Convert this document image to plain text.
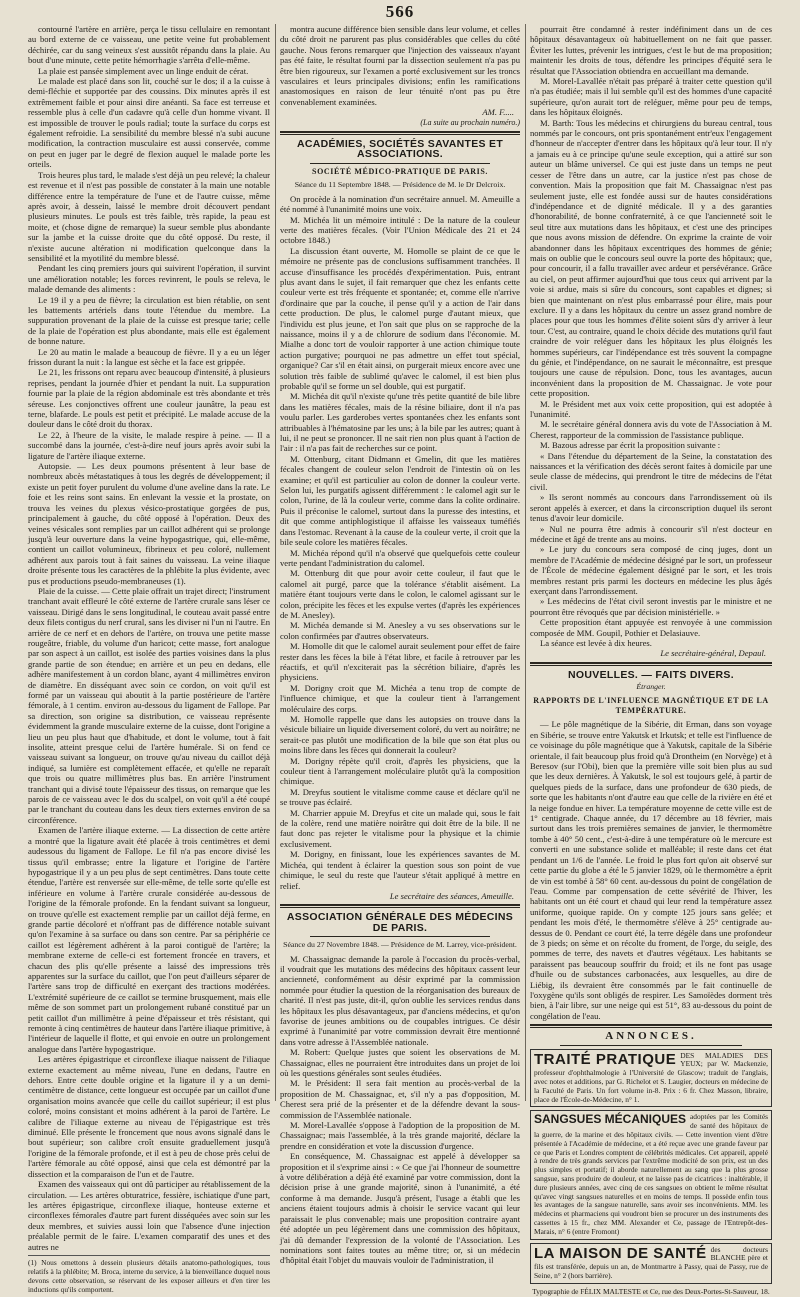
566

contourné l'artère en arrière, perça le tissu cellulaire en remontant au bord externe de ce vaisseau, une petite veine fut probablement déchirée, car du sang veineux s'est aussitôt répandu dans la plaie. Au bout d'une minute, cette petite hémorrhagie s'arrêta d'elle-même.

La plaie est pansée simplement avec un linge enduit de cérat.

Le malade est placé dans son lit, couché sur le dos; il a la cuisse à demi-fléchie et supportée par des coussins. Dix minutes après il est extrêmement faible et pour ainsi dire anéanti. Sa face est terreuse et ressemble plus à celle d'un cadavre qu'à celle d'un homme vivant. Il est impossible de trouver le pouls radial; toute la surface du corps est également refroidie. La sensibilité du membre blessé n'a subi aucune modification, la contraction musculaire est aussi conservée, comme on peut en juger par le degré de flexion auquel le malade porte les orteils.

Trois heures plus tard, le malade s'est déjà un peu relevé; la chaleur est revenue et il n'est pas possible de constater à la main une notable différence entre la température de l'une et de l'autre cuisse, même après avoir, à dessein, laissé le membre droit découvert pendant plusieurs minutes. Le pouls est très faible, très rapide, la peau est moite, et (chose digne de remarque) la sueur semble plus abondante sur la jambe et la cuisse droite que du côté opposé. Du reste, il n'existe aucune altération ni modification quelconque dans la sensibilité et la myotilité du membre blessé.

Pendant les cinq premiers jours qui suivirent l'opération, il survint une amélioration notable; les forces revinrent, le pouls se releva, le malade demande des aliments :

Le 19 il y a peu de fièvre; la circulation est bien rétablie, on sent les battements artériels dans toute l'étendue du membre. La suppuration provenant de la plaie de la cuisse est presque tarie; celle de la plaie de l'opération est plus abondante, mais elle est également de bonne nature.

Le 20 au matin le malade a beaucoup de fièvre. Il y a eu un léger frisson durant la nuit : la langue est sèche et la face est grippée.

Le 21, les frissons ont reparu avec beaucoup d'intensité, à plusieurs reprises, pendant la journée d'hier et pendant la nuit. La suppuration fournie par la plaie de la région abdominale est très abondante et très séreuse. Les conjonctives offrent une couleur jaunâtre, la peau est terne, blafarde. Le pouls est petit et précipité. Le malade accuse de la douleur dans le côté droit du thorax.

Le 22, à l'heure de la visite, le malade respire à peine. — Il a succombé dans la journée, c'est-à-dire neuf jours après avoir subi la ligature de l'artère iliaque externe.

Autopsie. — Les deux poumons présentent à leur base de nombreux abcès métastatiques à tous les degrés de développement; il existe un petit foyer purulent du volume d'une aveline dans la rate. Le foie et les reins sont sains. En enlevant la vessie et la prostate, on trouva les veines du plexus vésico-prostatique gorgées de pus, principalement à gauche, du côté opposé à l'opération. Deux des veines vésicales sont remplies par un caillot adhérent qui se prolonge jusqu'à leur ouverture dans la veine hypogastrique, qui, elle-même, contient un caillot volumineux, fibrineux et peu coloré, nullement adhérent aux parois tout à fait saines du vaisseau. La veine iliaque droite présente tous les caractères de la phlébite la plus évidente, avec pus et productions pseudo-membraneuses (1).

Plaie de la cuisse. — Cette plaie offrait un trajet direct; l'instrument tranchant avait effleuré le côté externe de l'artère crurale sans léser ce vaisseau. Dirigé dans le sens longitudinal, le couteau avait passé entre deux filets contigus du nerf crural, sans les diviser ni l'un ni l'autre. En arrière de ce nerf et en dehors de l'artère, on trouva une petite masse rougeâtre, friable, du volume d'un haricot; cette masse, fort analogue par son aspect à un caillot, est isolée des parties voisines dans la plus grande partie de son étendue; en arrière et un peu en dedans, elle adhère manifestement à un cordon blanc, ayant 4 millimètres environ de diamètre. En disséquant avec soin ce cordon, on voit qu'il est formé par un vaisseau qui aboutit à la partie postérieure de l'artère fémorale, à 1 centim. environ au-dessous du ligament de Fallope. Par sa direction, son origine sa distribution, ce vaisseau représente évidemment la grande musculaire externe de la cuisse, dont l'origine a lieu un peu plus haut que d'habitude, et dont le volume, tout à fait insolite, atteint presque celui de l'artère humérale. Si on fend ce vaisseau suivant sa longueur, on trouve qu'au niveau du caillot déjà indiqué, sa lumière est complètement effacée, et qu'elle ne reparaît que trois ou quatre millimètres plus bas. En arrière l'instrument tranchant qui a divisé toute l'épaisseur des tissus, on remarque que les parois de ce vaisseau avec le dos du scalpel, on voit qu'il a été coupé par le tranchant du couteau dans les deux tiers externes environ de sa circonférence.

Examen de l'artère iliaque externe. — La dissection de cette artère a montré que la ligature avait été placée à trois centimètres et demi audessous du ligament de Fallope. Le fil n'a pas encore divisé les tissus qu'il embrasse; entre la ligature et l'origine de l'artère hypogastrique il y a un peu plus de sept centimètres. Dans toute cette étendue, l'artère est renversée sur elle-même, de telle sorte qu'elle est inférieure en volume à l'artère crurale considérée au-dessous de l'origine de la fémorale profonde. En la fendant suivant sa longueur, on trouve qu'elle est exactement remplie par un caillot déjà ferme, en grande partie décoloré et n'offrant pas de différence notable suivant qu'on l'examine à sa surface ou dans son centre. Par sa périphérie ce caillot est légèrement adhérent à la paroi contiguë de l'artère; la membrane externe de celle-ci est fortement froncée en travers, et chacun des plis qu'elle présente a laissé des impressions très apparentes sur la surface du caillot, que l'on peut d'ailleurs séparer de l'artère sans trop de difficulté en exerçant des tractions modérées. L'extrémité supérieure de ce caillot se termine brusquement, mais elle même de son sommet part un prolongement rubané constitué par un petit caillot d'un millimètre à peine d'épaisseur et très résistant, qui remonte à cinq centimètres de hauteur dans l'artère iliaque primitive, à l'intérieur de laquelle il flotte, et qui envoie en outre un prolongement analogue dans l'artère hypogastrique.

Les artères épigastrique et circonflexe iliaque naissent de l'iliaque externe exactement au même niveau, l'une en dedans, l'autre en dehors. Entre cette double origine et la ligature il y a un demi-centimètre de distance, cette longueur est occupée par un caillot d'une organisation moins avancée que celle du caillot supérieur; il est plus coloré, moins consistant et moins adhérent à la paroi de l'artère. Le calibre de l'iliaque externe au niveau de l'épigastrique est très diminué. Elle présente le froncement que nous avons signalé dans le bout supérieur; son calibre croît ensuite graduellement jusqu'à l'origine de la fémorale profonde, et il est à peu de chose près celui de l'artère fémorale au côté opposé, ainsi que cela est démontré par la dissection et la comparaison de l'un et de l'autre.

Examen des vaisseaux qui ont dû participer au rétablissement de la circulation. — Les artères obturatrice, fessière, ischiatique d'une part, les artères épigastrique, circonflexe iliaque, honteuse externe et circonflexes fémorales d'autre part furent disséquées avec soin sur les deux membres, et suivies aussi loin que l'absence d'une injection préalable permit de le faire. L'examen comparatif des unes et des autres ne

(1) Nous omettons à dessein plusieurs détails anatomo-pathologiques, tous relatifs à la phlébite; M. Broca, interne du service, à la bienveillance duquel nous devons cette observation, se réservant de les exposer ailleurs et d'en tirer les inductions qu'ils comportent.

montra aucune différence bien sensible dans leur volume, et celles du côté droit ne parurent pas plus considérables que celles du côté gauche. Nous ferons remarquer que l'injection des vaisseaux n'ayant pas été faite, le résultat fourni par la dissection seulement n'a pas pu être bien rigoureux, sur l'examen a porté exclusivement sur les troncs vasculaires et leurs principales divisions; enfin les ramifications anastomosiques en raison de leur ténuité n'ont pas pu être convenablement examinées.

AM. F.....
(La suite au prochain numéro.)
ACADÉMIES, SOCIÉTÉS SAVANTES ET ASSOCIATIONS.
SOCIÉTÉ MÉDICO-PRATIQUE DE PARIS.
Séance du 11 Septembre 1848. — Présidence de M. le Dr Delcroix.

On procède à la nomination d'un secrétaire annuel. M. Ameuille a été nommé à l'unanimité moins une voix.

M. Michéa lit un mémoire intitulé : De la nature de la couleur verte des matières fécales. (Voir l'Union Médicale des 21 et 24 octobre 1848.)

La discussion étant ouverte, M. Homolle se plaint de ce que le mémoire ne présente pas de conclusions suffisamment tranchées. Il accuse d'insuffisance les procédés d'expérimentation. Puis, entrant plus avant dans le sujet, il fait remarquer que chez les enfants cette couleur verte est très fréquente et spontanée; et, comme elle n'arrive d'ordinaire que par la couche, il pense qu'il y a action de l'air dans cette production. De plus, le calomel purge d'autant mieux, que l'individu est plus jeune, et l'on sait que plus on se rapproche de la naissance, moins il y a de chlorure de sodium dans l'économie. M. Mialhe a donc tort de vouloir rapporter à une action chimique toute action purgative; pourquoi ne pas admettre un effet tout spécial, organique? Car s'il en était ainsi, on purgerait mieux encore avec une solution très faible de sublimé qu'avec le calomel, il est bien plus probable qu'il se forme un sel double, qui est purgatif.

M. Michéa dit qu'il n'existe qu'une très petite quantité de bile libre dans les matières fécales, mais de la résine biliaire, dont il n'a pas voulu parler. Les garderobes vertes spontanées chez les enfants sont attribuables à l'hématosine par les uns; à la bile par les autres; quant à lui, il ne peut se prononcer. Il ne sait rien non plus quant à l'action de l'air : il n'a pas fait de recherches sur ce point.

M. Ottenburg, citant Didmann et Gmelin, dit que les matières fécales changent de couleur selon l'endroit de l'intestin où on les examine; et qu'il est particulier au colon de donner la couleur verte. Selon lui, les purgatifs agissent différemment : le calomel agit sur le colon, l'urine, de là la couleur verte, comme dans la colite ordinaire. Puis il préconise le calomel, surtout dans la puresse des intestins, et dit que comme antiphlogistique il affaisse les vaisseaux tuméfiés dans l'estomac. Revenant à la cause de la couleur verte, il croit que la bile seule colore les matières fécales.

M. Michéa répond qu'il n'a observé que quelquefois cette couleur verte pendant l'administration du calomel.

M. Ottenburg dit que pour avoir cette couleur, il faut que le calomel ait purgé, parce que la tolérance s'établit aisément. La matière étant toujours verte dans le colon, le calomel agissant sur le colon, précipite les fèces et les expulse vertes (d'après les expériences de M. Anesley).

M. Michéa demande si M. Anesley a vu ses observations sur le colon confirmées par d'autres observateurs.

M. Homolle dit que le calomel aurait seulement pour effet de faire rester dans les fèces la bile à l'état libre, et facile à retrouver par les réactifs, et qu'il n'exciterait pas la sécrétion biliaire, d'après les physiciens.

M. Dorigny croit que M. Michéa a tenu trop de compte de l'influence chimique, et que la couleur tient à l'arrangement moléculaire des corps.

M. Homolle rappelle que dans les autopsies on trouve dans la vésicule biliaire un liquide diversement coloré, du vert au noirâtre; ne serait-ce pas plutôt une modification de la bile que son état plus ou moins libre dans les fèces qui donnerait la couleur?

M. Dorigny répète qu'il croit, d'après les physiciens, que la couleur tient à l'arrangement moléculaire plutôt qu'à la composition chimique.

M. Dreyfus soutient le vitalisme comme cause et déclare qu'il ne se trouve pas éclairé.

M. Charrier appuie M. Dreyfus et cite un malade qui, sous le fait de la colère, rend une matière noirâtre qui doit être de la bile. Il ne faut donc pas rejeter le vitalisme pour la physique et la chimie exclusivement.

M. Dorigny, en finissant, loue les expériences savantes de M. Michéa, qui tendent à éclairer la question sous son point de vue chimique, le seul du reste que l'auteur s'était appliqué à mettre en relief.

Le secrétaire des séances, Ameuille.
ASSOCIATION GÉNÉRALE DES MÉDECINS DE PARIS.
Séance du 27 Novembre 1848. — Présidence de M. Larrey, vice-président.

M. Chassaignac demande la parole à l'occasion du procès-verbal, il voudrait que les mutations des médecins des hôpitaux cassent leur ancienneté, conformément au désir exprimé par la commission nommée pour étudier la question de la réorganisation des bureaux de charité. Il n'est pas juste, dit-il, qu'on oublie les services rendus dans les hôpitaux les plus désavantageux, par d'anciens médecins, et qu'on favorise de jeunes ambitions ou de coupables intrigues. Ce désir exprimé à l'unanimité par votre commission devrait être mentionné dans votre adresse à l'Assemblée nationale.

M. Robert: Quelque justes que soient les observations de M. Chassaignac, elles ne pourraient être introduites dans un projet de loi où les questions générales sont seules étudiées.

M. le Président: Il sera fait mention au procès-verbal de la proposition de M. Chassaignac, et, s'il n'y a pas d'opposition, M. Cherest sera prié de la présenter et de la défendre devant la sous-commission de l'Assemblée nationale.

M. Morel-Lavallée s'oppose à l'adoption de la proposition de M. Chassaignac; mais l'assemblée, à la très grande majorité, déclare la prendre en considération et vote la discussion d'urgence.

En conséquence, M. Chassaignac est appelé à développer sa proposition et il s'exprime ainsi : « Ce que j'ai l'honneur de soumettre à votre délibération a déjà été examiné par votre commission, dont la décision prise à une grande majorité, sinon à l'unanimité, a été conforme à ma demande. Jusqu'à présent, l'usage a établi que les anciens étaient toujours admis à choisir le service vacant qui leur paraissait le plus convenable; mais une proposition contraire ayant été adoptée un peu légèrement dans une commission des hôpitaux, j'ai dû demander l'expression de la volonté de l'Association. Les nominations sont faites toutes au même titre; or, si un médecin d'hôpital était l'objet du mauvais vouloir de l'administration, il

pourrait être condamné à rester indéfiniment dans un de ces hôpitaux désavantageux où habituellement on ne fait que passer. Éviter les luttes, prévenir les intrigues, c'est le but de ma proposition; maintenir les droits de tous, défendre les principes d'équité sera le résultat que l'Association obtiendra en accueillant ma demande.

M. Morel-Lavallée n'était pas préparé à traiter cette question qu'il n'a pas étudiée; mais il lui semble qu'il est des hommes d'une capacité supérieure, qu'on aurait tort de reléguer, même pour peu de temps, dans les hôpitaux éloignés.

M. Barth: Tous les médecins et chirurgiens du bureau central, tous nommés par le concours, ont pris spontanément entr'eux l'engagement d'honneur de n'accepter d'entrer dans les hôpitaux qu'à leur tour. Il n'y a jamais eu à ce principe qu'une seule exception, qui a attiré sur son auteur un blâme universel. Ce qui est juste dans un temps ne peut cesser de l'être dans un autre, car la justice n'est pas chose de convention. Mais la proposition que fait M. Chassaignac n'est pas seulement juste, elle est fondée aussi sur de hautes considérations d'indépendance et de dignité médicale. Il y a des garanties d'honorabilité, de bonne confraternité, à ce que l'ancienneté soit le seul titre aux mutations dans les hôpitaux, et c'est une des principes que nous avons mission de défendre. On exprime la crainte de voir abandonner dans les hôpitaux excentriques des hommes de génie; mais on oublie que le concours seul ouvre la porte des hôpitaux; que, pour concourir, il a fallu travailler avec ardeur et persévérance. Grâce au ciel, on peut affirmer aujourd'hui que tous ceux qui arrivent par la voie si ardue, mais si sûre du concours, sont capables et dignes; si bien que maintenant on n'est plus embarrassé pour élire, mais pour exclure. Il y a dans les hôpitaux du centre un assez grand nombre de places pour que tous les hommes d'élite soient sûrs d'y arriver à leur tour. C'est, au contraire, quand le choix décide des mutations qu'il faut craindre de voir reléguer dans les hôpitaux les plus éloignés les hommes supérieurs, car l'indépendance est très souvent la compagne du génie, et l'indépendance, on ne saurait le méconnaître, est presque toujours une cause de répulsion. Donc, tous les avantages, aucun inconvénient dans la proposition de M. Chassaignac. Je vote pour cette proposition.

M. le Président met aux voix cette proposition, qui est adoptée à l'unanimité.

M. le secrétaire général donnera avis du vote de l'Association à M. Cherest, rapporteur de la commission de l'assistance publique.

M. Bazous adresse par écrit la proposition suivante :

« Dans l'étendue du département de la Seine, la constatation des naissances et la vérification des décès seront faites à domicile par une seule classe de médecins, qui prendront le titre de médecins de l'état civil.

» Ils seront nommés au concours dans l'arrondissement où ils seront appelés à exercer, et dans la circonscription duquel ils seront tenus d'avoir leur domicile.

» Nul ne pourra être admis à concourir s'il n'est docteur en médecine et âgé de trente ans au moins.

» Le jury du concours sera composé de cinq juges, dont un membre de l'Académie de médecine désigné par le sort, un professeur de l'École de médecine également désigné par le sort, et les trois membres restant pris parmi les docteurs en médecine les plus âgés exerçant dans l'arrondissement.

» Les médecins de l'état civil seront investis par le ministre et ne pourront être révoqués que par décision ministérielle. »

Cette proposition étant appuyée est renvoyée à une commission composée de MM. Goupil, Pothier et Delasiauve.

La séance est levée à dix heures.

Le secrétaire-général, Depaul.
NOUVELLES. — FAITS DIVERS.
Étranger.
RAPPORTS DE L'INFLUENCE MAGNÉTIQUE ET DE LA TEMPÉRATURE.

— Le pôle magnétique de la Sibérie, dit Erman, dans son voyage en Sibérie, se trouve entre Yakutsk et Irkutsk; et telle est l'influence de ce voisinage du pôle magnétique que à Yakutsk, capitale de la Sibérie orientale, il fait beaucoup plus froid qu'à Drontheim (en Norvège) et à Beresov (sur l'Obi), bien que la première ville soit bien plus au sud que les deux dernières. À Yakutsk, le sol est toujours gelé, à partir de quelques pieds de la surface, dans une profondeur de 630 pieds, de sorte que les habitants n'ont d'autre eau que celle de la rivière en été et la neige fondue en hiver. La température moyenne de cette ville est de 1° centigrade. Chaque année, du 17 décembre au 18 février, mais surtout dans les trois premières semaines de janvier, le thermomètre tombe à 40° 50 cent., c'est-à-dire à une température où le mercure est converti en une substance solide et malléable; il reste dans cet état pendant un 1/6 de l'année. Le froid le plus fort qu'on ait observé sur cette partie du globe a été le 5 janvier 1829, où le thermomètre a éprit de vin est tombé à 58° 60 cent. au-dessous du point de congélation de l'eau. Comme par compensation de cette sévérité de l'hiver, les habitants ont un été court et chaud qui leur rend la température assez uniforme, quoique rapide. On y compte 125 jours sans gelée; et pendant les mois d'été, le thermomètre s'élève à 25° centigrade au-dessus de 0. Pendant ce court été, la terre dégèle dans une profondeur de 3 pieds; on sème et on récolte du froment, de l'orge, du seigle, des pommes de terre, des navets et d'autres végétaux. Les habitants se paraissent pas beaucoup souffrir du froid; et ils ne font pas usage d'huile ou de substances carbonacées, aux lesquelles, au dire de Liébig, ils devraient être consommés par le fait continuelle de l'oxygène qu'ils sont obligés de respirer. Les Samoïèdes dorment très bien, à l'air libre, sur une neige qui est 51°, 83 au-dessous du point de congélation de l'eau.

ANNONCES.
TRAITÉ PRATIQUE DES MALADIES DES YEUX; par W. Mackenzie, professeur d'ophthalmologie à l'Université de Glascow; traduit de l'anglais, avec notes et additions, par G. Richelot et S. Laugier, docteurs en médecine de la Faculté de Paris. Un fort volume in-8. Prix : 6 fr. Chez Masson, libraire, place de l'École-de-Médecine, n° 1.
SANGSUES MÉCANIQUES adoptées par les Comités de santé des hôpitaux de la guerre, de la marine et des hôpitaux civils. — Cette invention vient d'être présentée à l'Académie de médecine, et a été reçue avec une grande faveur par ce que Paris et Londres comptent de célébrités médicales. Cet appareil, appelé à rendre de très grands services par l'extrême modicité de son prix, est un des plus simples et portatif; il aborde naturellement au sang que la plus grosse sangsue, sans produire de douleur, et ne laisse pas de cicatrices : inaltérable, il dure plusieurs années, avec cinq de ces sangsues on obtient le même résultat qu'avec vingt sangsues naturelles et en moins de temps. Il possède enfin tous les avantages de la sangsue naturelle, sans avoir ses inconvénients. MM. les médecins et pharmaciens qui voudront bien se procurer un des instruments des cassettes à 15 fr., chez MM. Alexander et Ce, passage de l'Entrepôt-des-Marais, n° 6 (entre Fromont)
LA MAISON DE SANTÉ des docteurs BLANCHE père et fils est transférée, depuis un an, de Montmartre à Passy, quai de Passy, rue de Seine, n° 2 (hors barrière).
Typographie de FÉLIX MALTESTE et Ce, rue des Deux-Portes-St-Sauveur, 18.
